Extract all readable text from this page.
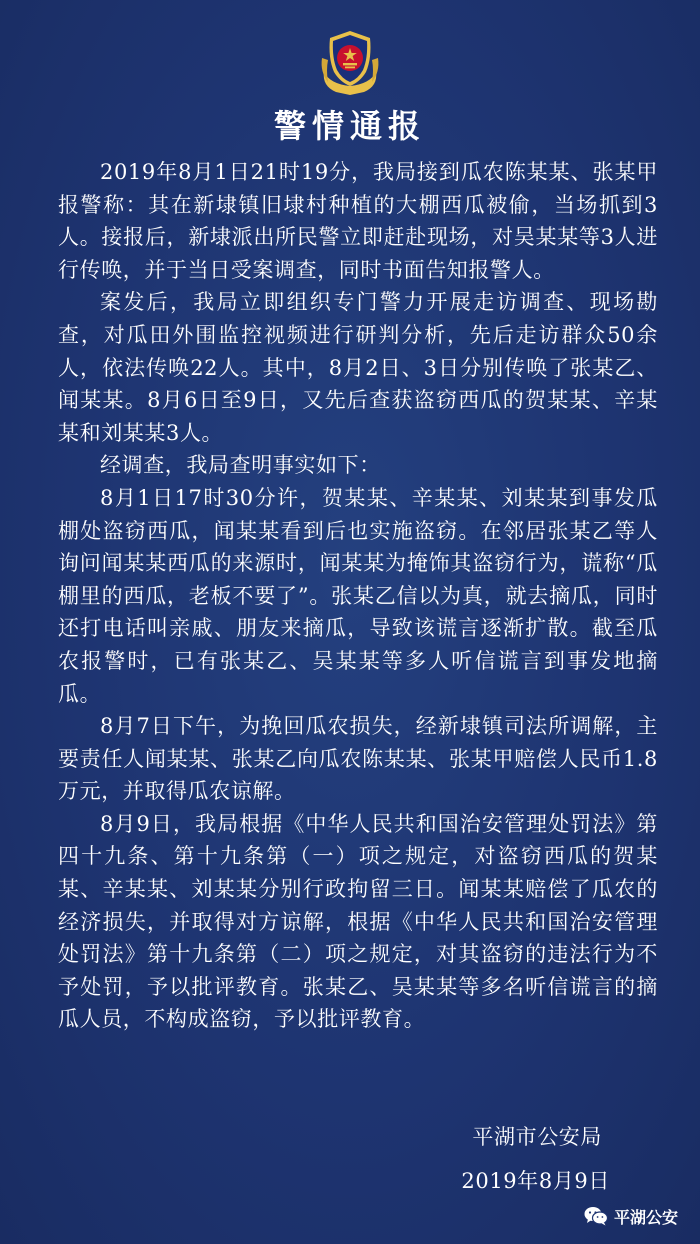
警情通报

2019年8月1日21时19分，我局接到瓜农陈某某、张某甲报警称：其在新埭镇旧埭村种植的大棚西瓜被偷，当场抓到3人。接报后，新埭派出所民警立即赶赴现场，对吴某某等3人进行传唤，并于当日受案调查，同时书面告知报警人。

案发后，我局立即组织专门警力开展走访调查、现场勘查，对瓜田外围监控视频进行研判分析，先后走访群众50余人，依法传唤22人。其中，8月2日、3日分别传唤了张某乙、闻某某。8月6日至9日，又先后查获盗窃西瓜的贺某某、辛某某和刘某某3人。

经调查，我局查明事实如下：

8月1日17时30分许，贺某某、辛某某、刘某某到事发瓜棚处盗窃西瓜，闻某某看到后也实施盗窃。在邻居张某乙等人询问闻某某西瓜的来源时，闻某某为掩饰其盗窃行为，谎称“瓜棚里的西瓜，老板不要了”。张某乙信以为真，就去摘瓜，同时还打电话叫亲戚、朋友来摘瓜，导致该谎言逐渐扩散。截至瓜农报警时，已有张某乙、吴某某等多人听信谎言到事发地摘瓜。

8月7日下午，为挽回瓜农损失，经新埭镇司法所调解，主要责任人闻某某、张某乙向瓜农陈某某、张某甲赔偿人民币1.8万元，并取得瓜农谅解。

8月9日，我局根据《中华人民共和国治安管理处罚法》第四十九条、第十九条第（一）项之规定，对盗窃西瓜的贺某某、辛某某、刘某某分别行政拘留三日。闻某某赔偿了瓜农的经济损失，并取得对方谅解，根据《中华人民共和国治安管理处罚法》第十九条第（二）项之规定，对其盗窃的违法行为不予处罚，予以批评教育。张某乙、吴某某等多名听信谎言的摘瓜人员，不构成盗窃，予以批评教育。

平湖市公安局
2019年8月9日
平湖公安
